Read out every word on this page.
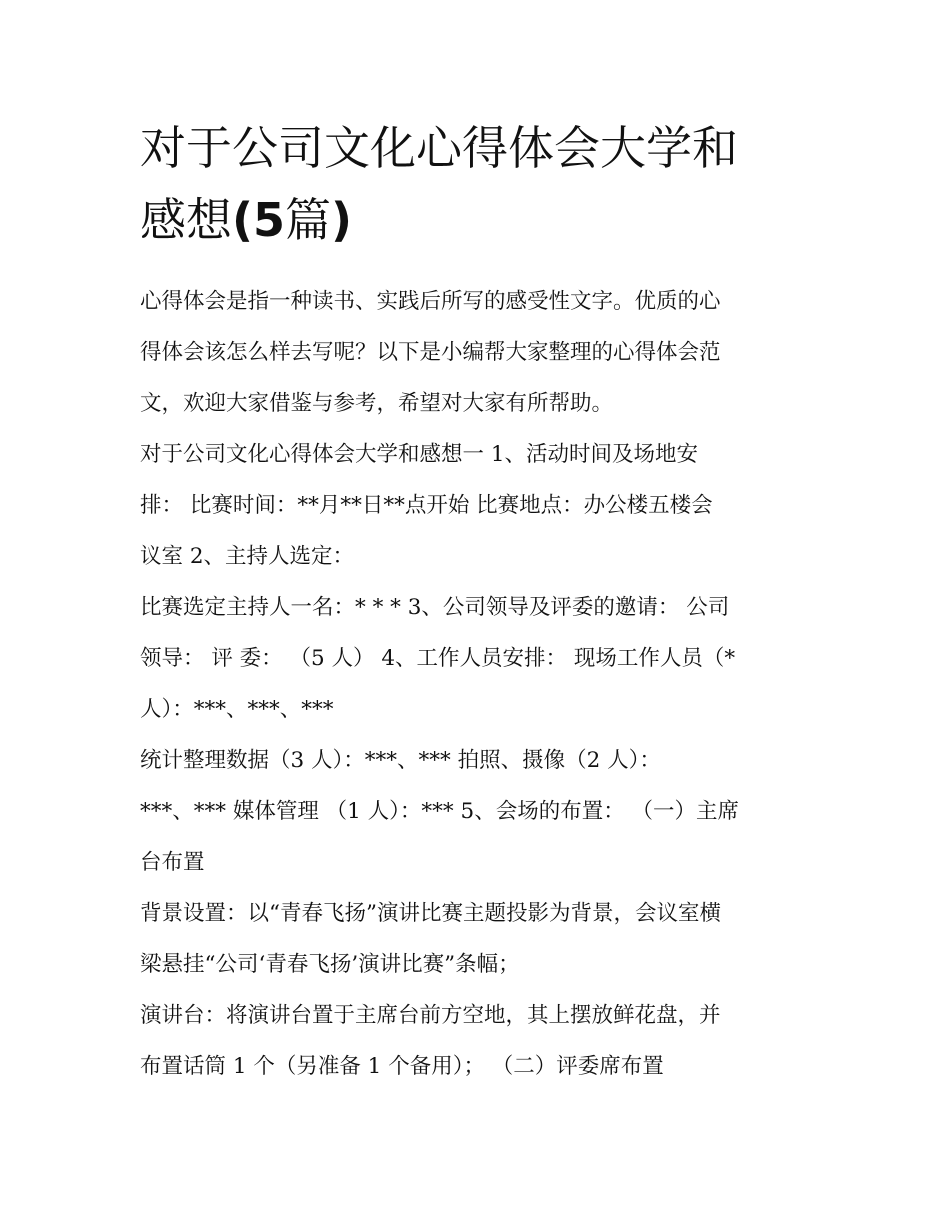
对于公司文化心得体会大学和
感想(5篇)
心得体会是指一种读书、实践后所写的感受性文字。优质的心
得体会该怎么样去写呢？以下是小编帮大家整理的心得体会范
文，欢迎大家借鉴与参考，希望对大家有所帮助。
对于公司文化心得体会大学和感想一 1、活动时间及场地安
排： 比赛时间：**月**日**点开始 比赛地点：办公楼五楼会
议室 2、主持人选定：
比赛选定主持人一名：* * * 3、公司领导及评委的邀请： 公司
领导： 评 委： （5 人） 4、工作人员安排： 现场工作人员（*
人）：***、***、***
统计整理数据（3 人）：***、*** 拍照、摄像（2 人）：
***、*** 媒体管理 （1 人）：*** 5、会场的布置： （一）主席
台布置
背景设置：以“青春飞扬”演讲比赛主题投影为背景，会议室横
梁悬挂“公司‘青春飞扬’演讲比赛”条幅；
演讲台：将演讲台置于主席台前方空地，其上摆放鲜花盘，并
布置话筒 1 个（另准备 1 个备用）； （二）评委席布置
